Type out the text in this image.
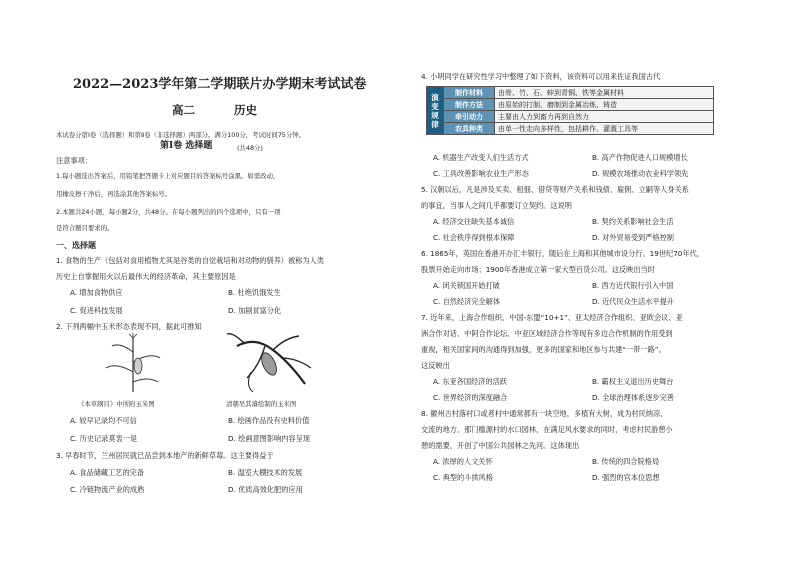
2022—2023学年第二学期联片办学期末考试试卷
高二	历史
本试卷分第Ⅰ卷（选择题）和第Ⅱ卷（非选择题）两部分。满分100分，考试时间75分钟。
第Ⅰ卷 选择题	(共48分)
注意事项：
1.每小题选出答案后，用铅笔把答题卡上对应题目的答案标号涂黑。如需改动，
用橡皮擦干净后，再选涂其他答案标号。
2.本题共24小题，每小题2分，共48分。在每小题列出的四个选项中，只有一项
是符合题目要求的。
一、选择题
1. 食物的生产（包括对食用植物尤其是谷类的自觉栽培和对动物的驯养）被称为人类
历史上自掌握用火以后最伟大的经济革命，其主要原因是
A. 增加食物供应	B. 杜绝饥饿发生
C. 促进科技发展	D. 加剧贫富分化
2. 下列两幅中玉米形态表现不同，据此可推知
《本草纲目》中所附玉米图	清朝吴其濬绘制的玉米图
A. 较早记录均不可信	B. 绘画作品没有史料价值
C. 历史记录莫衷一是	D. 绘画意图影响内容呈现
3. 早春时节，兰州居民就已品尝到本地产的新鲜草莓。这主要得益于
A. 食品储藏工艺的完备	B. 温室大棚技术的发展
C. 冷链物流产业的成熟	D. 优质高效化肥的应用
4. 小明同学在研究性学习中整理了如下资料，该资料可以用来佐证我国古代
演变规律	制作材料	由骨、竹、石、蚌到青铜、铁等金属材料
	制作方法	由原始的打制、磨制到金属冶炼、铸造
	牵引动力	主要由人力到畜力再到自然力
	农具种类	由单一性走向多样性，包括耕作、灌溉工具等
A. 机器生产改变人们生活方式	B. 高产作物促进人口规模增长
C. 工具改善影响农业生产形态	D. 规模农场推动农业科学领先
5. 汉朝以后，凡是涉及买卖、租佃、借贷等财产关系和钱债、雇佣、立嗣等人身关系
的事宜，当事人之间几乎都要订立契约。这说明
A. 经济交往缺失基本诚信	B. 契约关系影响社会生活
C. 社会秩序得到根本保障	D. 对外贸易受到严格控制
6. 1865年，英国在香港开办汇丰银行，随后在上海和其他城市设分行。19世纪70年代，
股票开始走向市场；1900年香港成立第一家大型百货公司。这反映出当时
A. 闭关锁国开始打破	B. 西方近代银行引入中国
C. 自然经济完全解体	D. 近代民众生活水平提升
7. 近年来，上海合作组织、中国-东盟“10+1”、亚太经济合作组织、亚欧会议、亚
洲合作对话、中阿合作论坛、中亚区域经济合作等现有多边合作机制的作用受到
重视，相关国家间的沟通得到加强，更多的国家和地区参与共建“一带一路”。
这反映出
A. 东亚各国经济的活跃	B. 霸权主义退出历史舞台
C. 世界经济的深度融合	D. 全球治理体系逐步完善
8. 徽州古村落村口或者村中通常都有一块空地，多植有大树，成为村民纳凉、
交流的地方。那门槛源村的水口园林，在满足风水要求的同时，考虑村民游憩小
憩的需要，开创了中国公共园林之先河。这体现出
A. 浓厚的人文关怀	B. 传统的四合院格局
C. 典型的斗拱风格	D. 强烈的官本位思想
